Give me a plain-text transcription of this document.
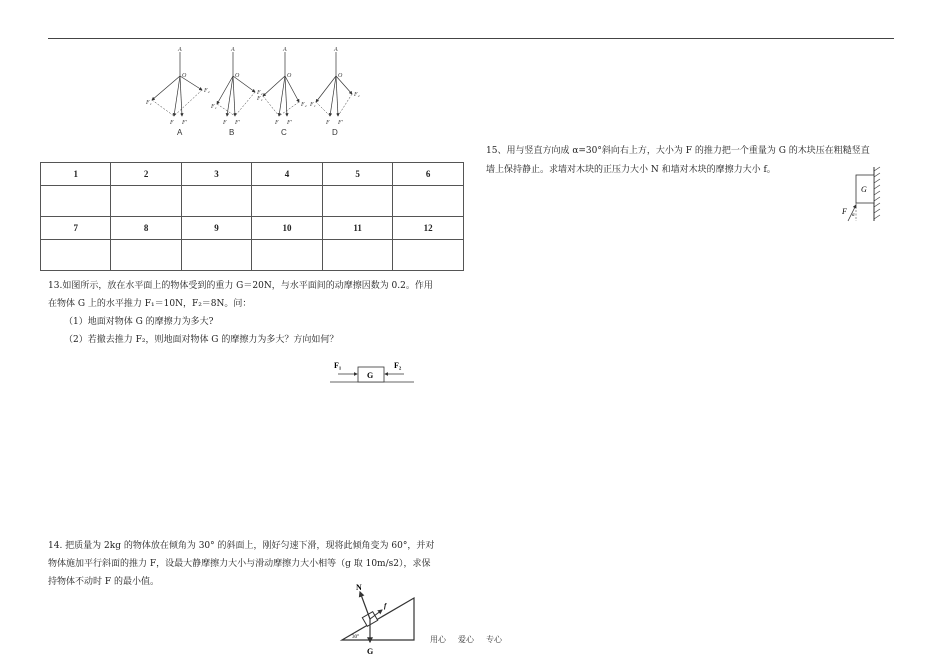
A
O
F₁
F₂
F F'
A
O
F₁
F₂
F F'
A
O
F₁
F₂
F F'
A
O
F₁
F₂
F F'
A	B	C	D
1	2	3	4	5	6

7	8	9	10	11	12

13.如图所示，放在水平面上的物体受到的重力 G＝20N，与水平面间的动摩擦因数为 0.2。作用
在物体 G 上的水平推力 F₁＝10N，F₂＝8N。问：
（1）地面对物体 G 的摩擦力为多大?
（2）若撤去推力 F₂，则地面对物体 G 的摩擦力为多大？方向如何？
F₁
G
F₂
14. 把质量为 2kg 的物体放在倾角为 30° 的斜面上，刚好匀速下滑，现将此倾角变为 60°，并对
物体施加平行斜面的推力 F，设最大静摩擦力大小与滑动摩擦力大小相等（g 取 10m/s2），求保
持物体不动时 F 的最小值。
N
f
G
30°
15、用与竖直方向成 α=30°斜向右上方，大小为 F 的推力把一个重量为 G 的木块压在粗糙竖直
墙上保持静止。求墙对木块的正压力大小 N 和墙对木块的摩擦力大小 f。
G
F α
用心 爱心 专心
